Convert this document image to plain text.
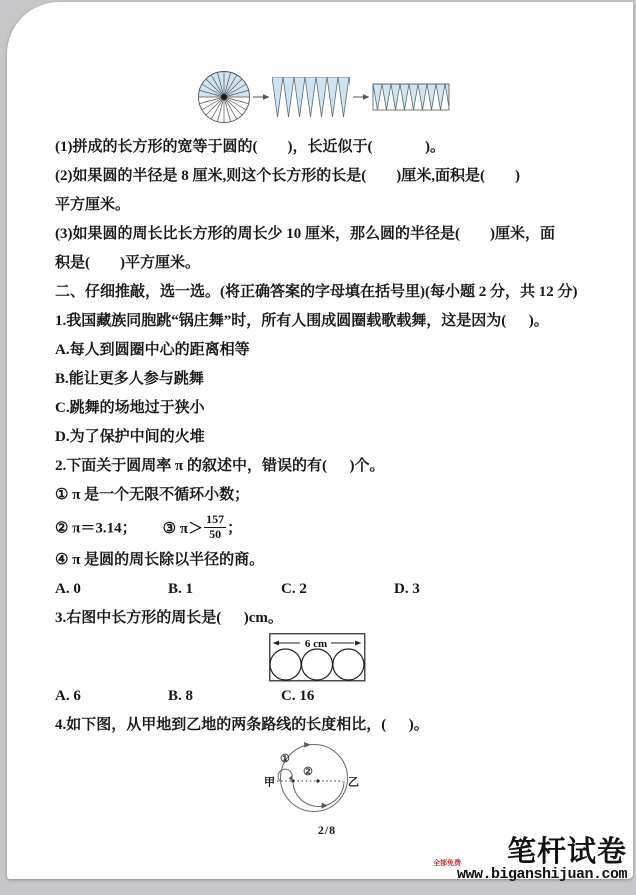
(1)拼成的长方形的宽等于圆的(        )，长近似于(              )。
(2)如果圆的半径是 8 厘米,则这个长方形的长是(        )厘米,面积是(        )
平方厘米。
(3)如果圆的周长比长方形的周长少 10 厘米，那么圆的半径是(        )厘米，面
积是(        )平方厘米。
二、仔细推敲，选一选。(将正确答案的字母填在括号里)(每小题 2 分，共 12 分)
1.我国藏族同胞跳“锅庄舞”时，所有人围成圆圈载歌载舞，这是因为(      )。
A.每人到圆圈中心的距离相等
B.能让更多人参与跳舞
C.跳舞的场地过于狭小
D.为了保护中间的火堆
2.下面关于圆周率 π 的叙述中，错误的有(      )个。
① π 是一个无限不循环小数；
② π＝3.14； ③ $\pi> \frac{157}{50}$ ；
④ π 是圆的周长除以半径的商。
A. 0	B. 1	C. 2	D. 3
3.右图中长方形的周长是(      )cm。
6 cm
A. 6	B. 8	C. 16
4.如下图，从甲地到乙地的两条路线的长度相比，(      )。
①
②
甲	乙
2/8
全部免费	笔杆试卷
www.biganshijuan.com
